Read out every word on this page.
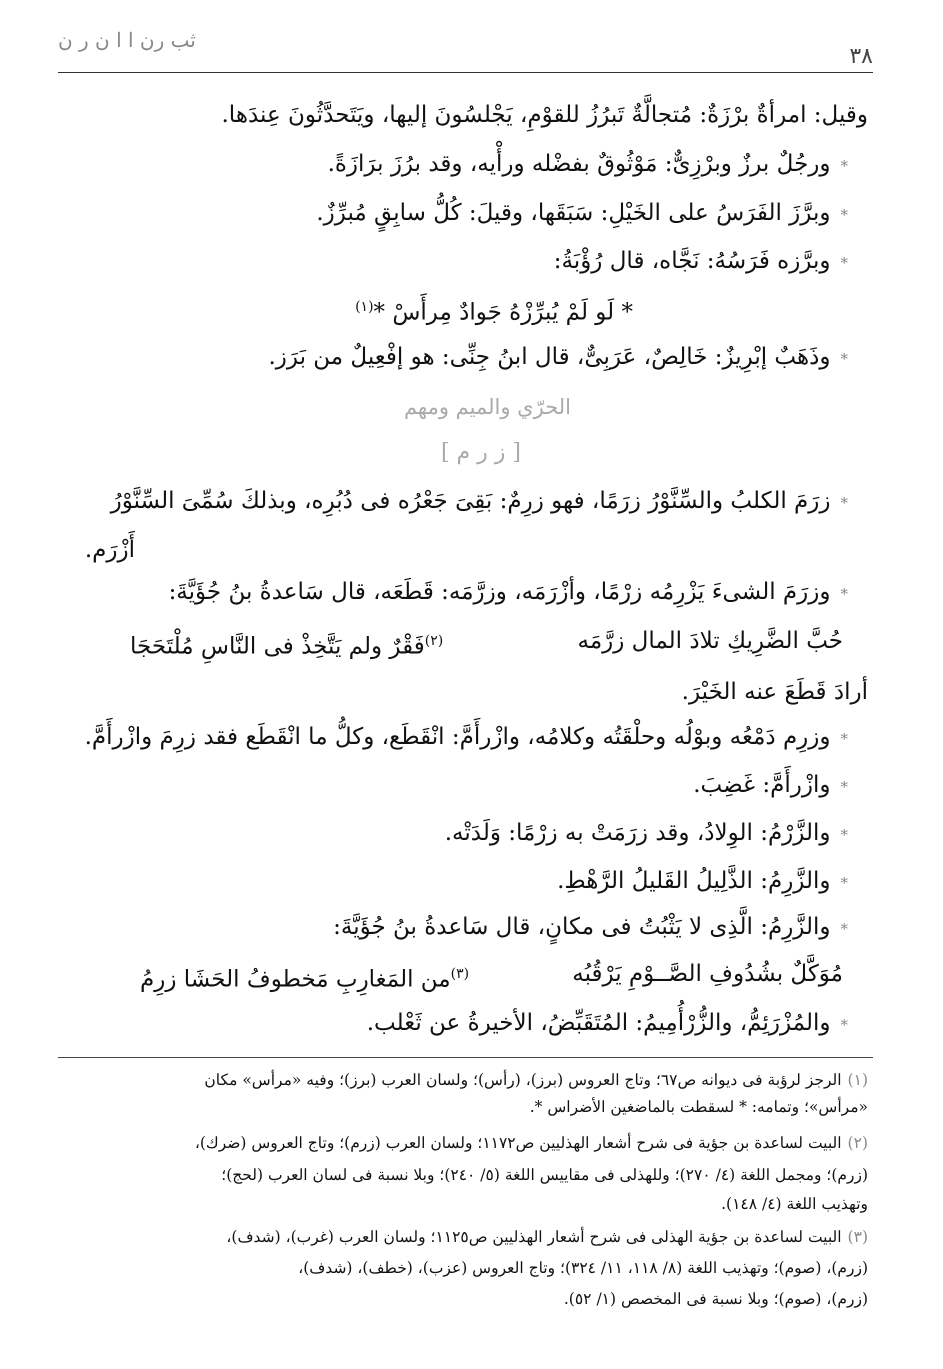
ثب رن ا ا ن ر ن
٣٨
وقيل: امرأةٌ برْزَةٌ: مُتجالَّةٌ تَبرُزُ للقوْمِ، يَجْلسُونَ إليها، ويَتَحدَّثُونَ عِندَها.
*ورجُلٌ برزٌ وبرْزِىٌّ: مَوْثُوقٌ بفضْله ورأْيه، وقد برُزَ برَازَةً.
*وبرَّزَ الفَرَسُ على الخَيْلِ: سَبَقَها، وقيلَ: كُلُّ سابِقٍ مُبرِّزٌ.
*وبرَّزه فَرَسُهُ: نَجَّاه، قال رُؤْبَةُ:
* لَو لَمْ يُبرِّزْهُ جَوادٌ مِرأَسْ *$^{(١)}$
*وذَهَبٌ إبْرِيزٌ: خَالِصٌ، عَرَبِىٌّ، قال ابنُ جِنِّى: هو إفْعِيلٌ من بَرَز.
الحرّي والميم ومهم
[ ز ر م ]
*زرَمَ الكلبُ والسِّنَّوْرُ زرَمًا، فهو زرِمٌ: بَقِىَ جَعْرُه فى دُبُرِه، وبذلكَ سُمِّىَ السِّنَّوْرُ
أَزْرَم.
*وزرَمَ الشىءَ يَزْرِمُه زرْمًا، وأزْرَمَه، وزرَّمَه: قَطَعَه، قال سَاعدةُ بنُ جُؤَيَّةَ:
حُبَّ الضَّرِيكِ تلادَ المال زرَّمَه
$^{(٢)}$فَقْرٌ ولم يَتَّخِذْ فى النَّاسِ مُلْتَحَجَا
أرادَ قَطَعَ عنه الخَيْرَ.
*وزرِم دَمْعُه وبوْلُه وحلْقَتُه وكلامُه، وازْرأَمَّ: انْقَطَع، وكلُّ ما انْقَطَع فقد زرِمَ وازْرأَمَّ.
*وازْرأَمَّ: غَضِبَ.
*والزَّرْمُ: الوِلادُ، وقد زرَمَتْ به زرْمًا: وَلَدَتْه.
*والزَّرِمُ: الذَّلِيلُ القَليلُ الرَّهْطِ.
*والزَّرِمُ: الَّذِى لا يَثْبُتُ فى مكانٍ، قال سَاعدةُ بنُ جُؤَيَّةَ:
مُوَكَّلٌ بشُدُوفِ الصَّــوْمِ يَرْقُبُه
$^{(٣)}$من المَغارِبِ مَخطوفُ الحَشَا زرِمُ
*والمُزْرَئِمُّ، والزُّرْأُمِيمُ: المُتَقَبِّضُ، الأخيرةُ عن ثَعْلب.
(١)الرجز لرؤبة فى ديوانه ص٦٧؛ وتاج العروس (برز)، (رأس)؛ ولسان العرب (برز)؛ وفيه «مرأس» مكان
«مرأس»؛ وتمامه: * لسقطت بالماضغين الأضراس *.
(٢)البيت لساعدة بن جؤية فى شرح أشعار الهذليين ص١١٧٢؛ ولسان العرب (زرم)؛ وتاج العروس (ضرك)،
(زرم)؛ ومجمل اللغة (٤/ ٢٧٠)؛ وللهذلى فى مقاييس اللغة (٥/ ٢٤٠)؛ وبلا نسبة فى لسان العرب (لحج)؛
وتهذيب اللغة (٤/ ١٤٨).
(٣)البيت لساعدة بن جؤية الهذلى فى شرح أشعار الهذليين ص١١٢٥؛ ولسان العرب (غرب)، (شدف)،
(زرم)، (صوم)؛ وتهذيب اللغة (٨/ ١١٨، ١١/ ٣٢٤)؛ وتاج العروس (عزب)، (خطف)، (شدف)،
(زرم)، (صوم)؛ وبلا نسبة فى المخصص (١/ ٥٢).
